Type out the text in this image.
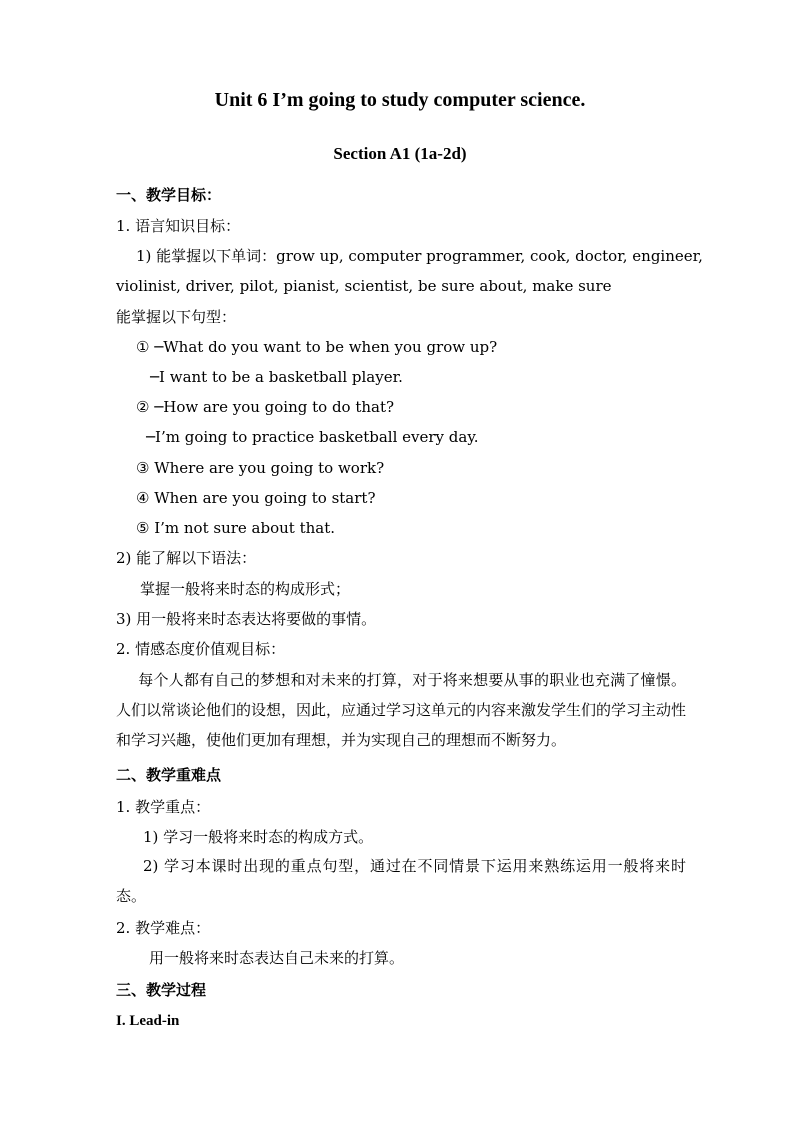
Unit 6 I’m going to study computer science.
Section A1 (1a-2d)
一、教学目标：
1. 语言知识目标：
1) 能掌握以下单词：grow up, computer programmer, cook, doctor, engineer,
violinist, driver, pilot, pianist, scientist, be sure about, make sure
能掌握以下句型：
① ─What do you want to be when you grow up?
─I want to be a basketball player.
② ─How are you going to do that?
─I’m going to practice basketball every day.
③ Where are you going to work?
④ When are you going to start?
⑤ I’m not sure about that.
2) 能了解以下语法：
掌握一般将来时态的构成形式；
3) 用一般将来时态表达将要做的事情。
2. 情感态度价值观目标：

每个人都有自己的梦想和对未来的打算，对于将来想要从事的职业也充满了憧憬。人们以常谈论他们的设想，因此，应通过学习这单元的内容来激发学生们的学习主动性和学习兴趣，使他们更加有理想，并为实现自己的理想而不断努力。

二、教学重难点
1. 教学重点：
1) 学习一般将来时态的构成方式。

2) 学习本课时出现的重点句型，通过在不同情景下运用来熟练运用一般将来时态。

2. 教学难点：
用一般将来时态表达自己未来的打算。
三、教学过程
I. Lead-in
